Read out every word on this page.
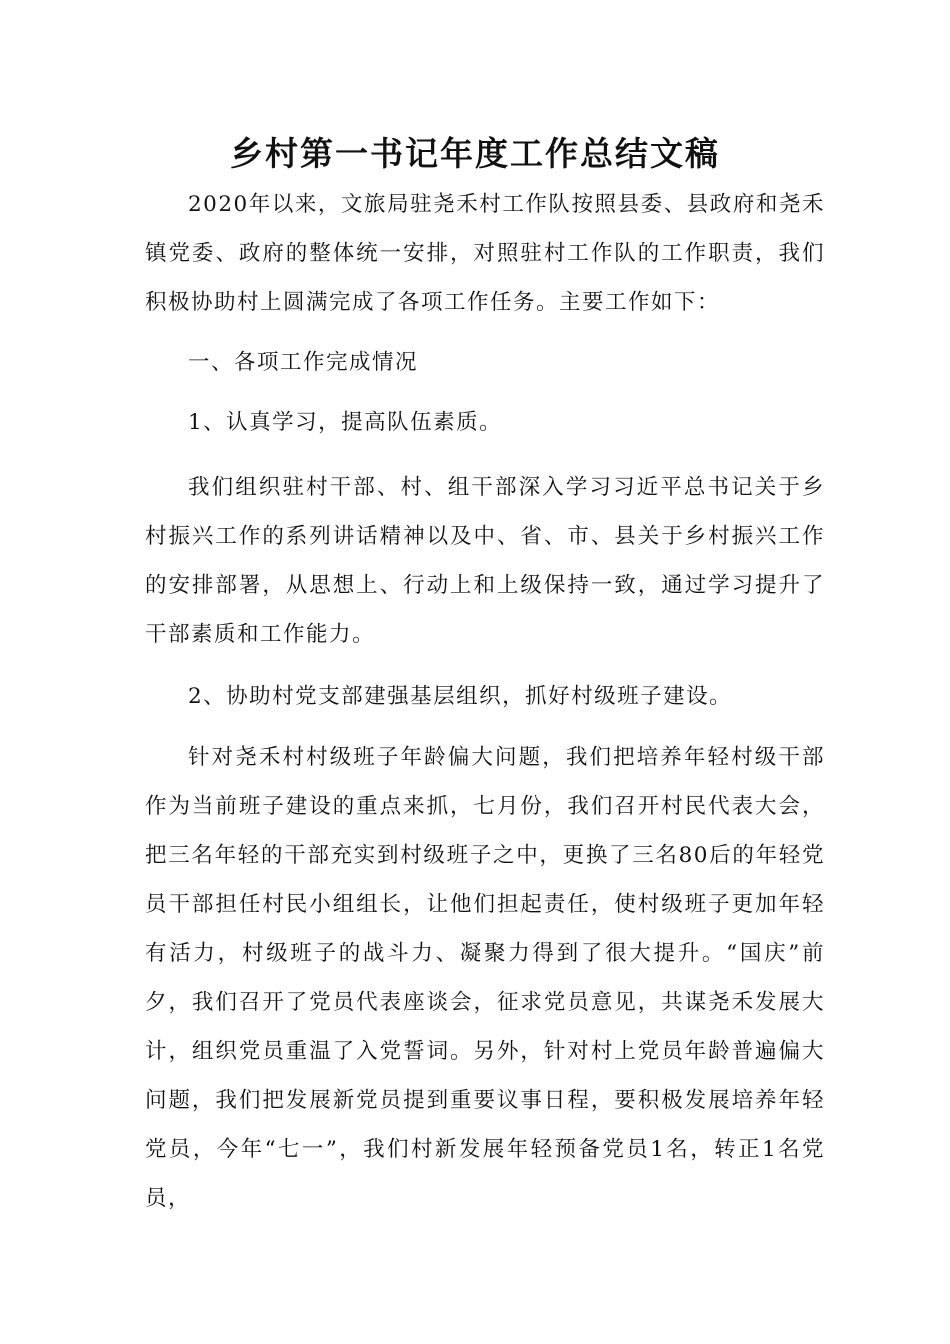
乡村第一书记年度工作总结文稿

2020年以来，文旅局驻尧禾村工作队按照县委、县政府和尧禾镇党委、政府的整体统一安排，对照驻村工作队的工作职责，我们积极协助村上圆满完成了各项工作任务。主要工作如下：

一、各项工作完成情况

1、认真学习，提高队伍素质。

我们组织驻村干部、村、组干部深入学习习近平总书记关于乡村振兴工作的系列讲话精神以及中、省、市、县关于乡村振兴工作的安排部署，从思想上、行动上和上级保持一致，通过学习提升了干部素质和工作能力。

2、协助村党支部建强基层组织，抓好村级班子建设。

针对尧禾村村级班子年龄偏大问题，我们把培养年轻村级干部作为当前班子建设的重点来抓，七月份，我们召开村民代表大会，把三名年轻的干部充实到村级班子之中，更换了三名80后的年轻党员干部担任村民小组组长，让他们担起责任，使村级班子更加年轻有活力，村级班子的战斗力、凝聚力得到了很大提升。“国庆”前夕，我们召开了党员代表座谈会，征求党员意见，共谋尧禾发展大计，组织党员重温了入党誓词。另外，针对村上党员年龄普遍偏大问题，我们把发展新党员提到重要议事日程，要积极发展培养年轻党员，今年“七一”，我们村新发展年轻预备党员1名，转正1名党员，
